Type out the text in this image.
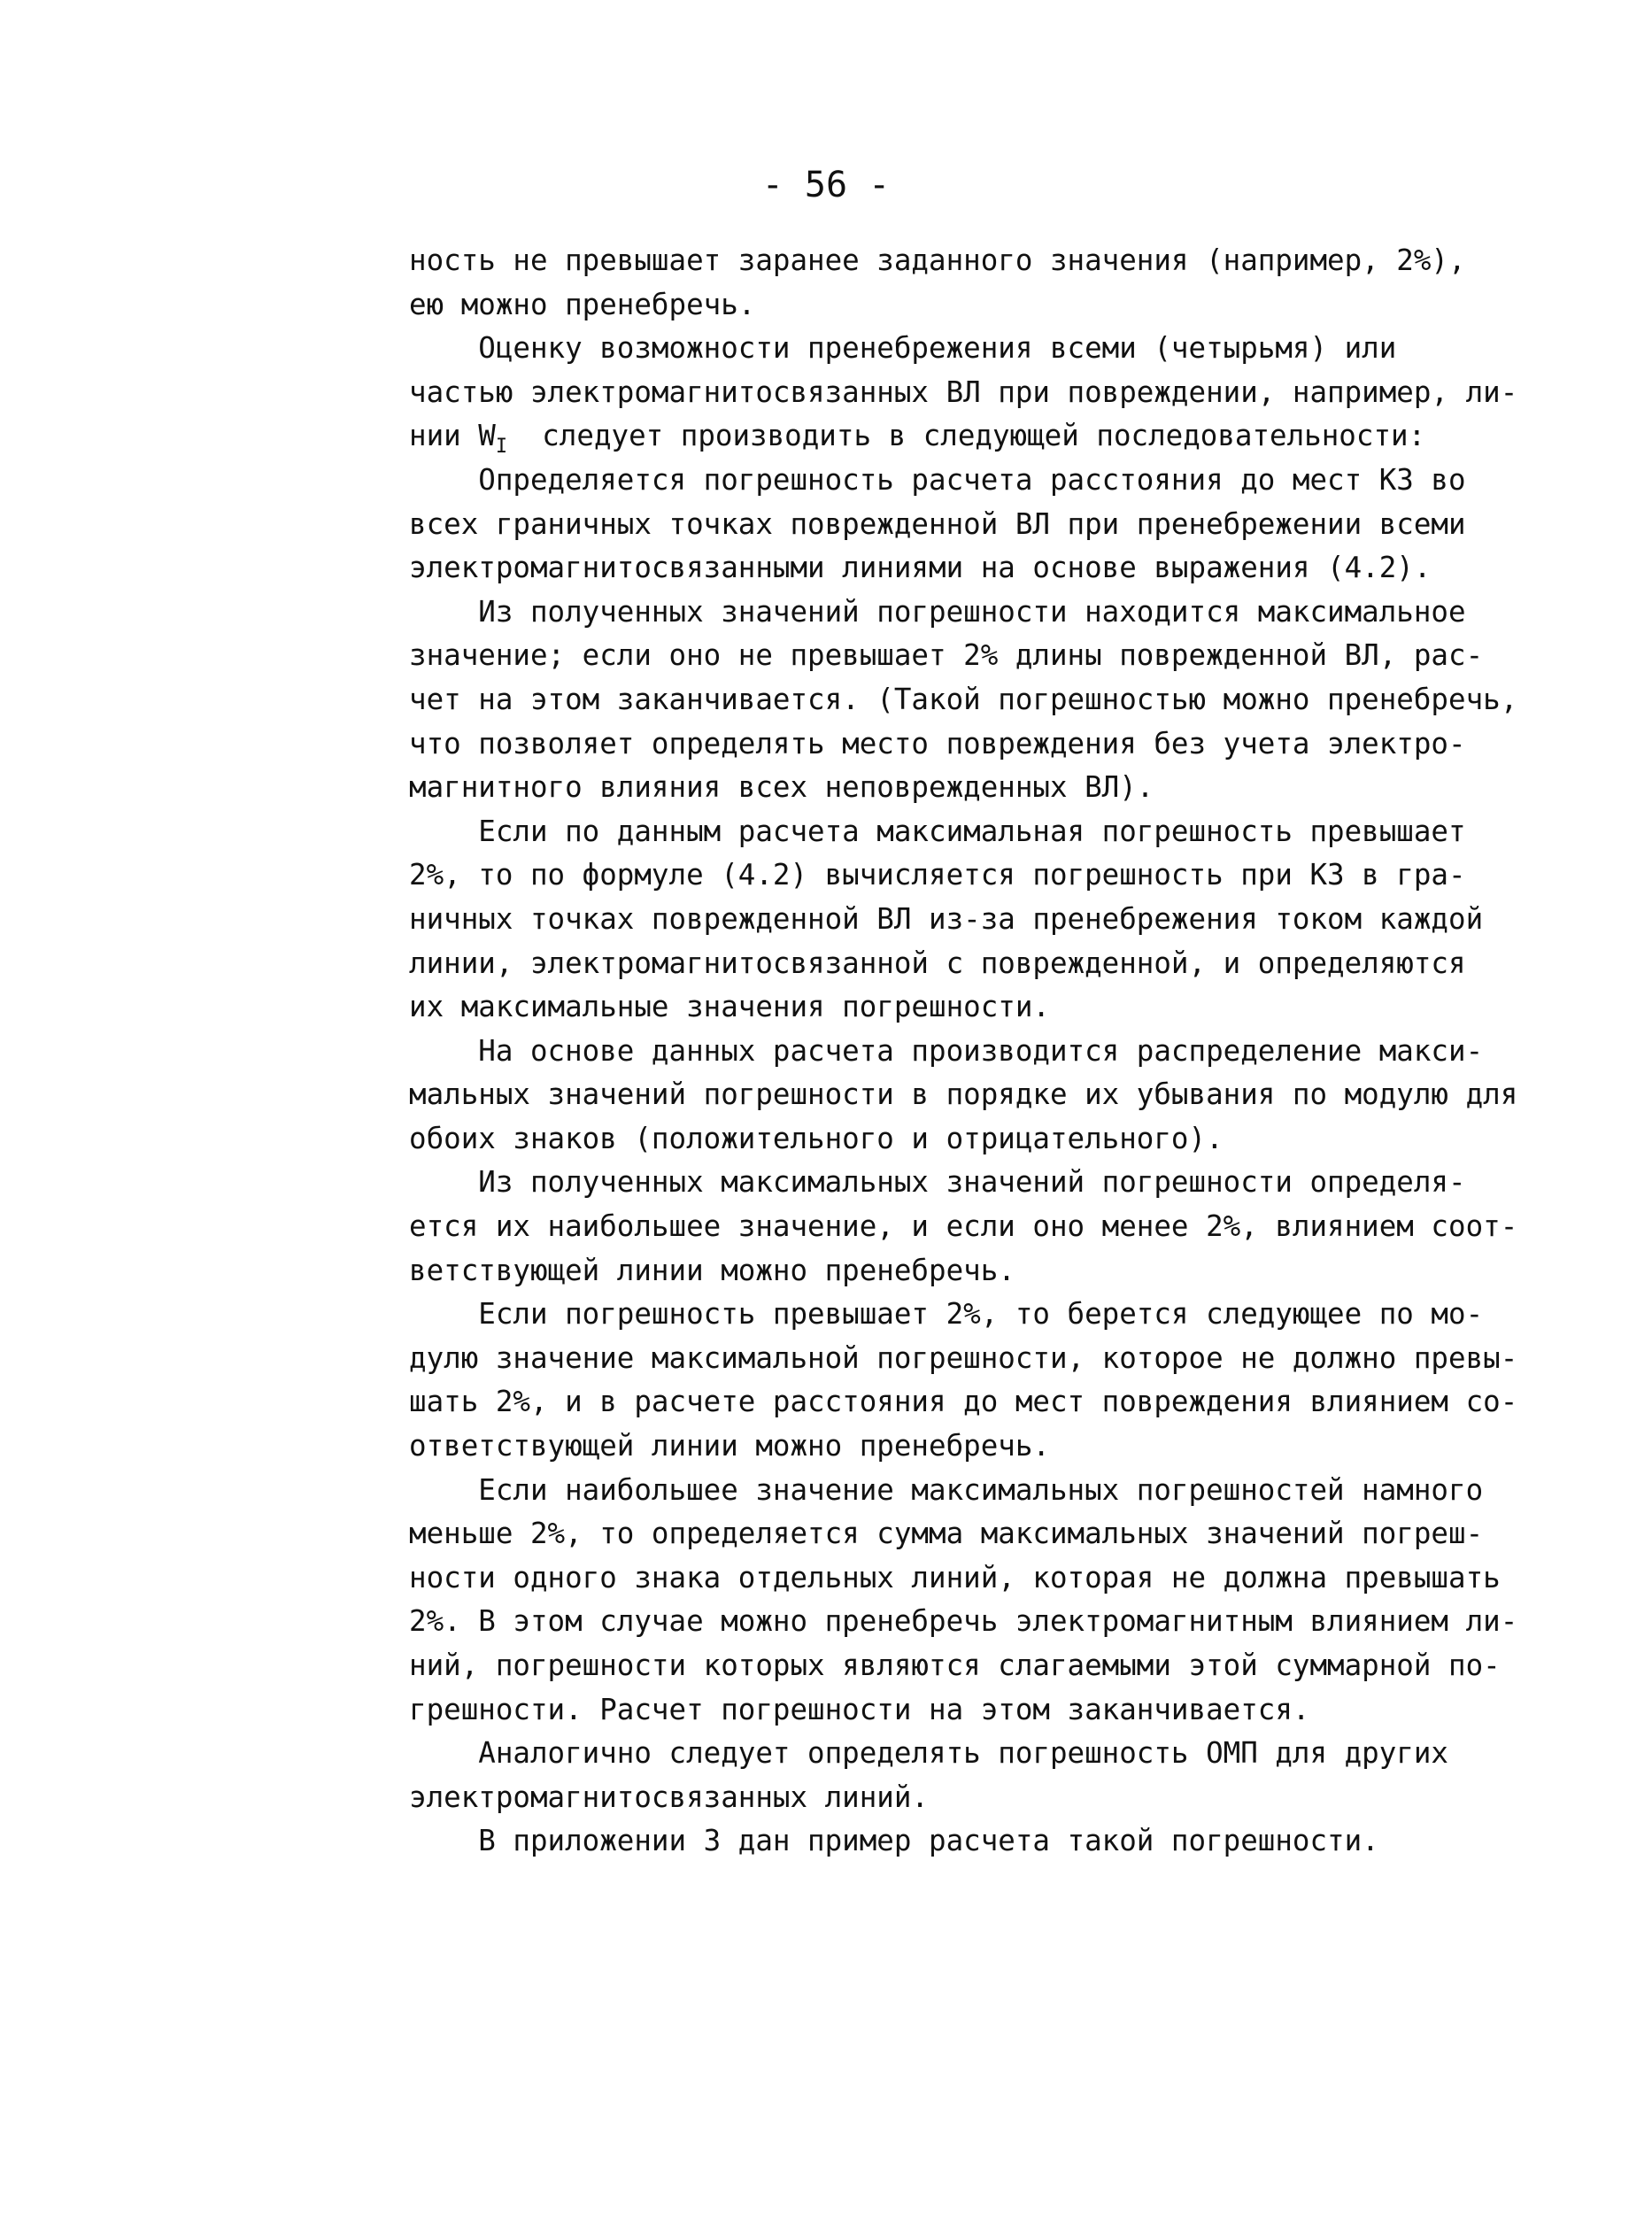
- 56 -
ность не превышает заранее заданного значения (например, 2%),
ею можно пренебречь.
Оценку возможности пренебрежения всеми (четырьмя) или
частью электромагнитосвязанных ВЛ при повреждении, например, ли-
нии $W_I$  следует производить в следующей последовательности:
Определяется погрешность расчета расстояния до мест КЗ во
всех граничных точках поврежденной ВЛ при пренебрежении всеми
электромагнитосвязанными линиями на основе выражения (4.2).
Из полученных значений погрешности находится максимальное
значение; если оно не превышает 2% длины поврежденной ВЛ, рас-
чет на этом заканчивается. (Такой погрешностью можно пренебречь,
что позволяет определять место повреждения без учета электро-
магнитного влияния всех неповрежденных ВЛ).
Если по данным расчета максимальная погрешность превышает
2%, то по формуле (4.2) вычисляется погрешность при КЗ в гра-
ничных точках поврежденной ВЛ из-за пренебрежения током каждой
линии, электромагнитосвязанной с поврежденной, и определяются
их максимальные значения погрешности.
На основе данных расчета производится распределение макси-
мальных значений погрешности в порядке их убывания по модулю для
обоих знаков (положительного и отрицательного).
Из полученных максимальных значений погрешности определя-
ется их наибольшее значение, и если оно менее 2%, влиянием соот-
ветствующей линии можно пренебречь.
Если погрешность превышает 2%, то берется следующее по мо-
дулю значение максимальной погрешности, которое не должно превы-
шать 2%, и в расчете расстояния до мест повреждения влиянием со-
ответствующей линии можно пренебречь.
Если наибольшее значение максимальных погрешностей намного
меньше 2%, то определяется сумма максимальных значений погреш-
ности одного знака отдельных линий, которая не должна превышать
2%. В этом случае можно пренебречь электромагнитным влиянием ли-
ний, погрешности которых являются слагаемыми этой суммарной по-
грешности. Расчет погрешности на этом заканчивается.
Аналогично следует определять погрешность ОМП для других
электромагнитосвязанных линий.
В приложении 3 дан пример расчета такой погрешности.
